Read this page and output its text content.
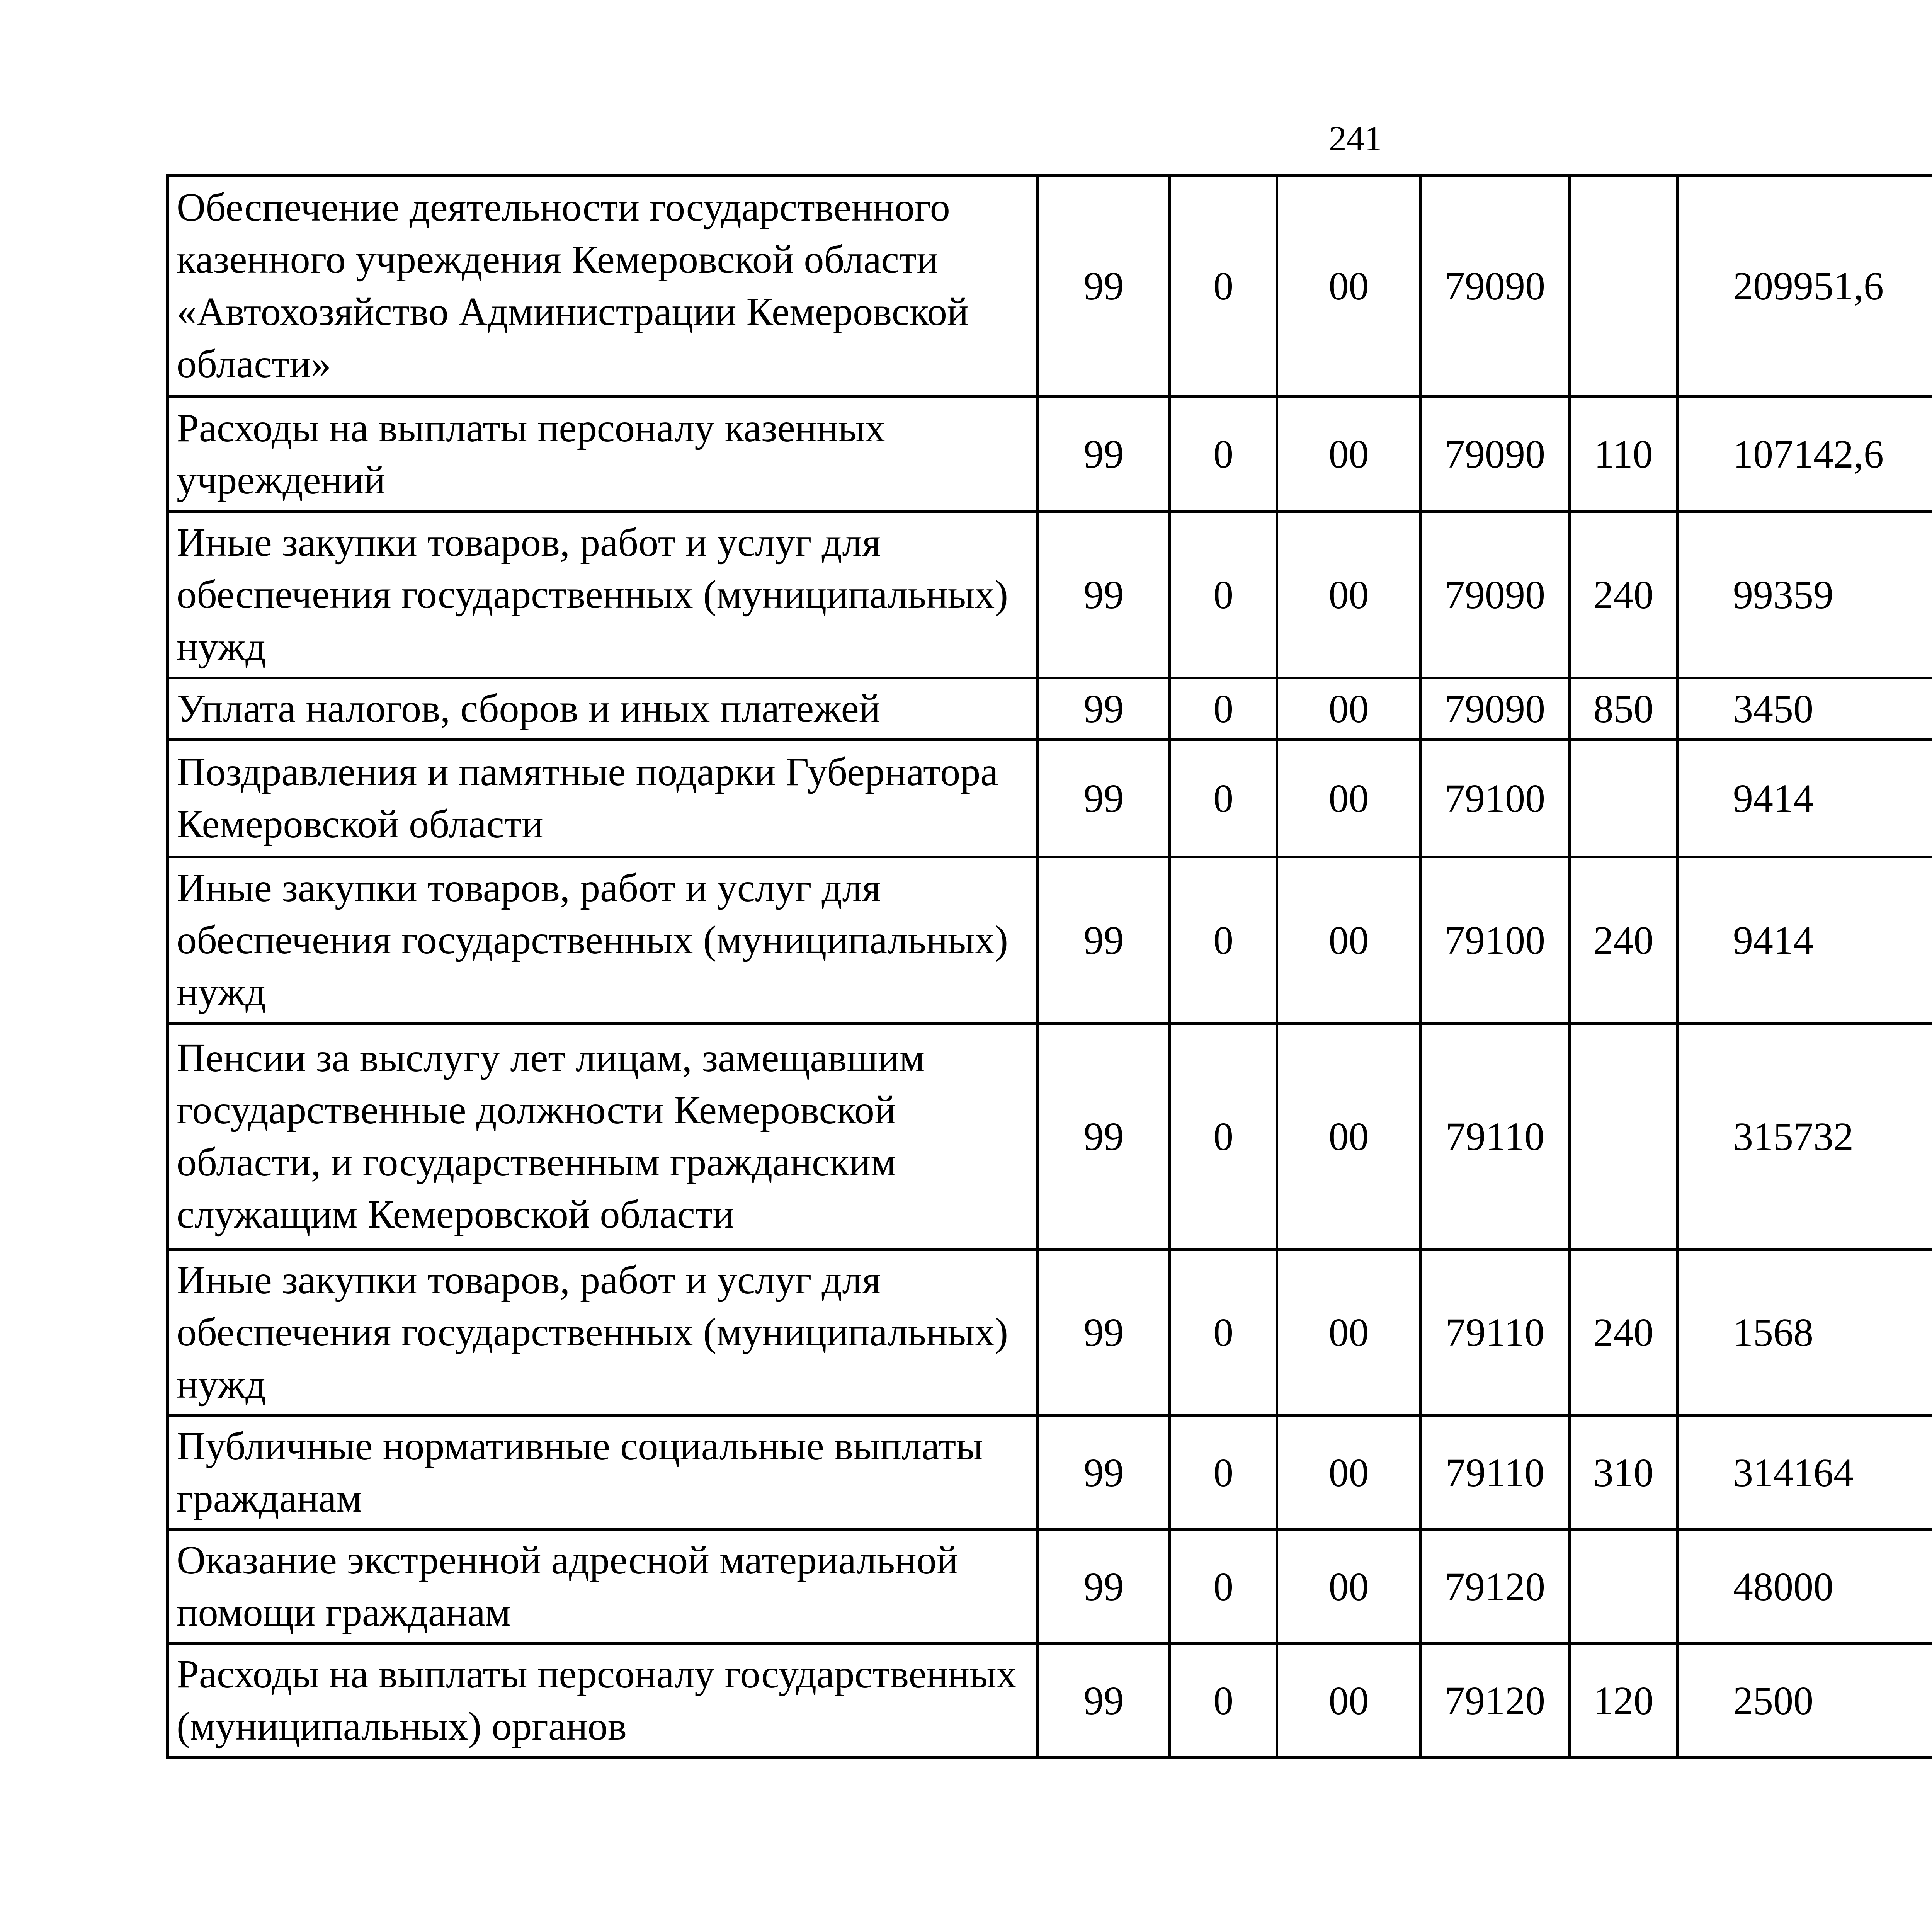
241
Обеспечение деятельности государственного казенного учреждения Кемеровской области «Автохозяйство Администрации Кемеровской области»	99	0	00	79090		209951,6		
Расходы на выплаты персоналу казенных учреждений	99	0	00	79090	110	107142,6		
Иные закупки товаров, работ и услуг для обеспечения государственных (муниципальных) нужд	99	0	00	79090	240	99359		
Уплата налогов, сборов и иных платежей	99	0	00	79090	850	3450		
Поздравления и памятные подарки Губернатора Кемеровской области	99	0	00	79100		9414		
Иные закупки товаров, работ и услуг для обеспечения государственных (муниципальных) нужд	99	0	00	79100	240	9414		
Пенсии за выслугу лет лицам, замещавшим государственные должности Кемеровской области, и государственным гражданским служащим Кемеровской области	99	0	00	79110		315732		
Иные закупки товаров, работ и услуг для обеспечения государственных (муниципальных) нужд	99	0	00	79110	240	1568		
Публичные нормативные социальные выплаты гражданам	99	0	00	79110	310	314164		
Оказание экстренной адресной материальной помощи гражданам	99	0	00	79120		48000		
Расходы на выплаты персоналу государственных (муниципальных) органов	99	0	00	79120	120	2500		
